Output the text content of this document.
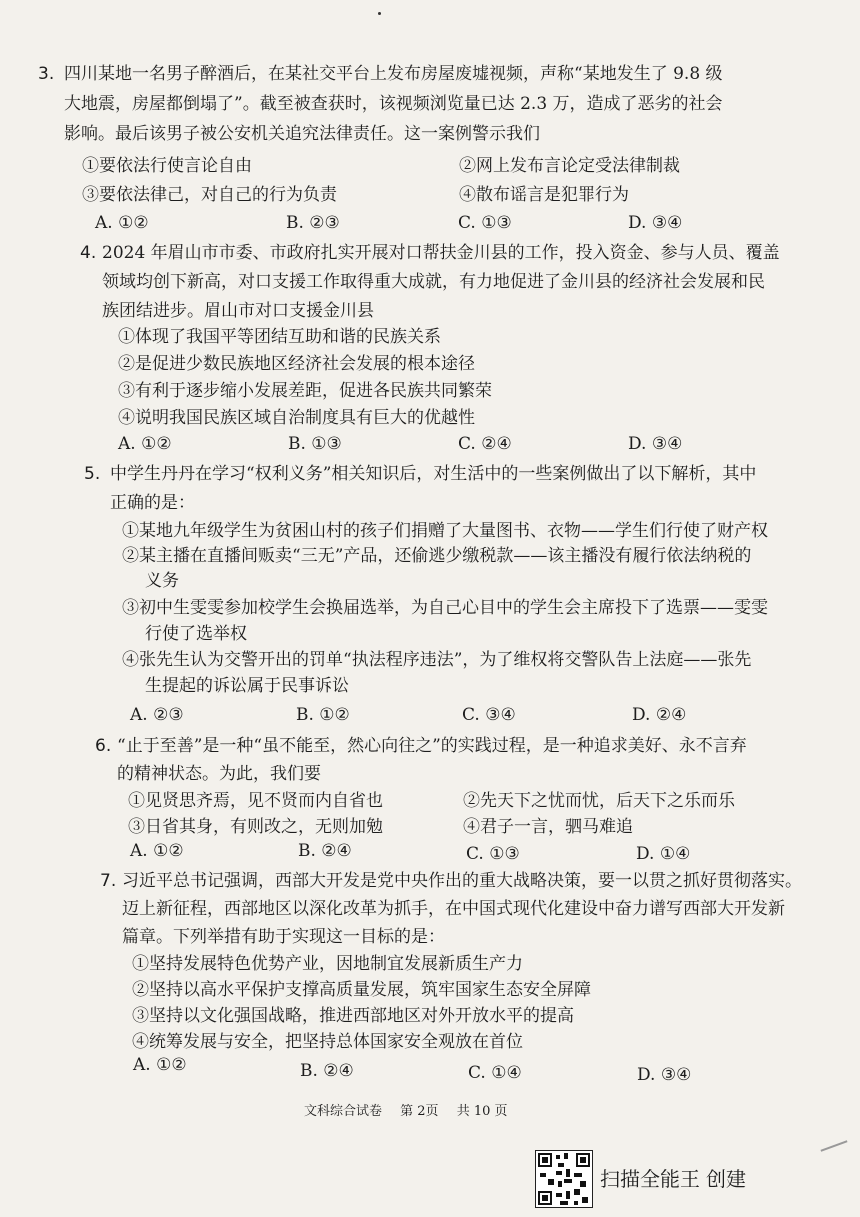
3. 四川某地一名男子醉酒后，在某社交平台上发布房屋废墟视频，声称“某地发生了 9.8 级
大地震，房屋都倒塌了”。截至被查获时，该视频浏览量已达 2.3 万，造成了恶劣的社会
影响。最后该男子被公安机关追究法律责任。这一案例警示我们
①要依法行使言论自由	②网上发布言论定受法律制裁
③要依法律己，对自己的行为负责	④散布谣言是犯罪行为
A. ①②	B. ②③	C. ①③	D. ③④
4. 2024 年眉山市市委、市政府扎实开展对口帮扶金川县的工作，投入资金、参与人员、覆盖
领域均创下新高，对口支援工作取得重大成就，有力地促进了金川县的经济社会发展和民
族团结进步。眉山市对口支援金川县
①体现了我国平等团结互助和谐的民族关系
②是促进少数民族地区经济社会发展的根本途径
③有利于逐步缩小发展差距，促进各民族共同繁荣
④说明我国民族区域自治制度具有巨大的优越性
A. ①②	B. ①③	C. ②④	D. ③④
5. 中学生丹丹在学习“权利义务”相关知识后，对生活中的一些案例做出了以下解析，其中
正确的是：
①某地九年级学生为贫困山村的孩子们捐赠了大量图书、衣物——学生们行使了财产权
②某主播在直播间贩卖“三无”产品，还偷逃少缴税款——该主播没有履行依法纳税的
义务
③初中生雯雯参加校学生会换届选举，为自己心目中的学生会主席投下了选票——雯雯
行使了选举权
④张先生认为交警开出的罚单“执法程序违法”，为了维权将交警队告上法庭——张先
生提起的诉讼属于民事诉讼
A. ②③	B. ①②	C. ③④	D. ②④
6. “止于至善”是一种“虽不能至，然心向往之”的实践过程，是一种追求美好、永不言弃
的精神状态。为此，我们要
①见贤思齐焉，见不贤而内自省也	②先天下之忧而忧，后天下之乐而乐
③日省其身，有则改之，无则加勉	④君子一言，驷马难追
A. ①②	B. ②④	C. ①③	D. ①④
7. 习近平总书记强调，西部大开发是党中央作出的重大战略决策，要一以贯之抓好贯彻落实。
迈上新征程，西部地区以深化改革为抓手，在中国式现代化建设中奋力谱写西部大开发新
篇章。下列举措有助于实现这一目标的是：
①坚持发展特色优势产业，因地制宜发展新质生产力
②坚持以高水平保护支撑高质量发展，筑牢国家生态安全屏障
③坚持以文化强国战略，推进西部地区对外开放水平的提高
④统筹发展与安全，把坚持总体国家安全观放在首位
A. ①②	B. ②④	C. ①④	D. ③④
文科综合试卷 第 2页 共 10 页
扫描全能王 创建
